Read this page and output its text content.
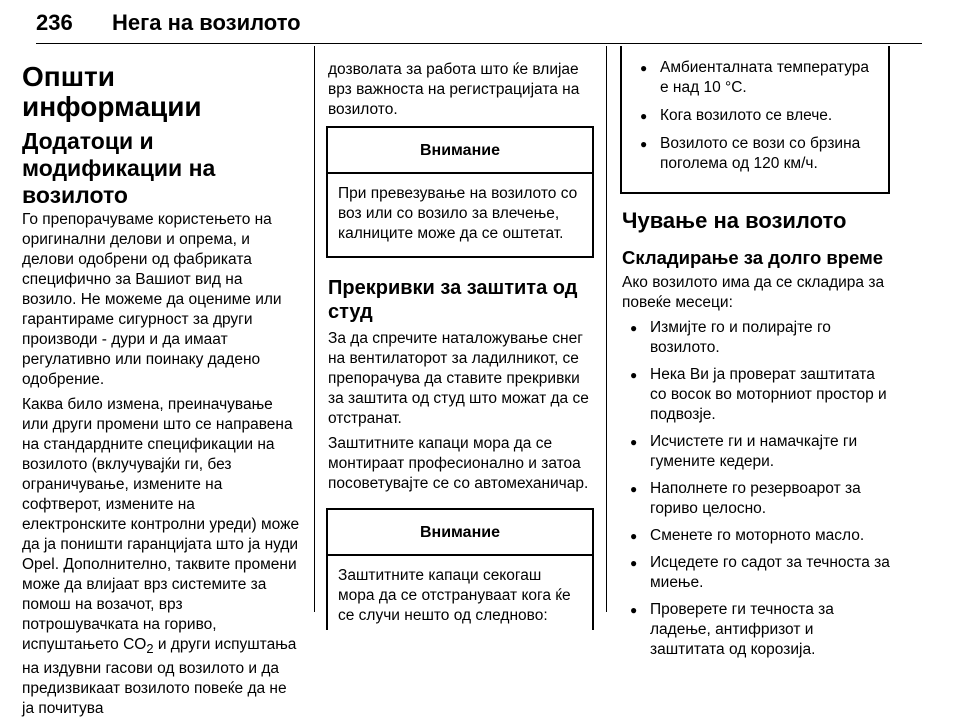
236 Нега на возилото
Општи информации
Додатоци и модификации на возилото

Го препорачуваме користењето на оригинални делови и опрема, и делови одобрени од фабриката специфично за Вашиот вид на возило. Не можеме да оцениме или гарантираме сигурност за други производи - дури и да имаат регулативно или поинаку дадено одобрение.

Каква било измена, преиначување или други промени што се направена на стандардните спецификации на возилото (вклучувајќи ги, без ограничување, измените на софтверот, измените на електронските контролни уреди) може да ја поништи гаранцијата што ја нуди Opel. Дополнително, таквите промени може да влијаат врз системите за помош на возачот, врз потрошувачката на гориво, испуштањето $CO_2$ и други испуштања на издувни гасови од возилото и да предизвикаат возилото повеќе да не ја почитува

дозволата за работа што ќе влијае врз важноста на регистрацијата на возилото.

Внимание
При превезување на возилото со воз или со возило за влечење, калниците може да се оштетат.
Прекривки за заштита од студ

За да спречите наталожување снег на вентилаторот за ладилникот, се препорачува да ставите прекривки за заштита од студ што можат да се отстранат.

Заштитните капаци мора да се монтираат професионално и затоа посоветувајте се со автомеханичар.

Внимание
Заштитните капаци секогаш мора да се отстрануваат кога ќе се случи нешто од следново:
● Амбиенталната температура е над 10 °C.
● Кога возилото се влече.
● Возилото се вози со брзина поголема од 120 км/ч.
Чување на возилото
Складирање за долго време

Ако возилото има да се складира за повеќе месеци:

● Измијте го и полирајте го возилото.
● Нека Ви ја проверат заштитата со восок во моторниот простор и подвозје.
● Исчистете ги и намачкајте ги гумените кедери.
● Наполнете го резервоарот за гориво целосно.
● Сменете го моторното масло.
● Исцедете го садот за течноста за миење.
● Проверете ги течноста за ладење, антифризот и заштитата од корозија.
